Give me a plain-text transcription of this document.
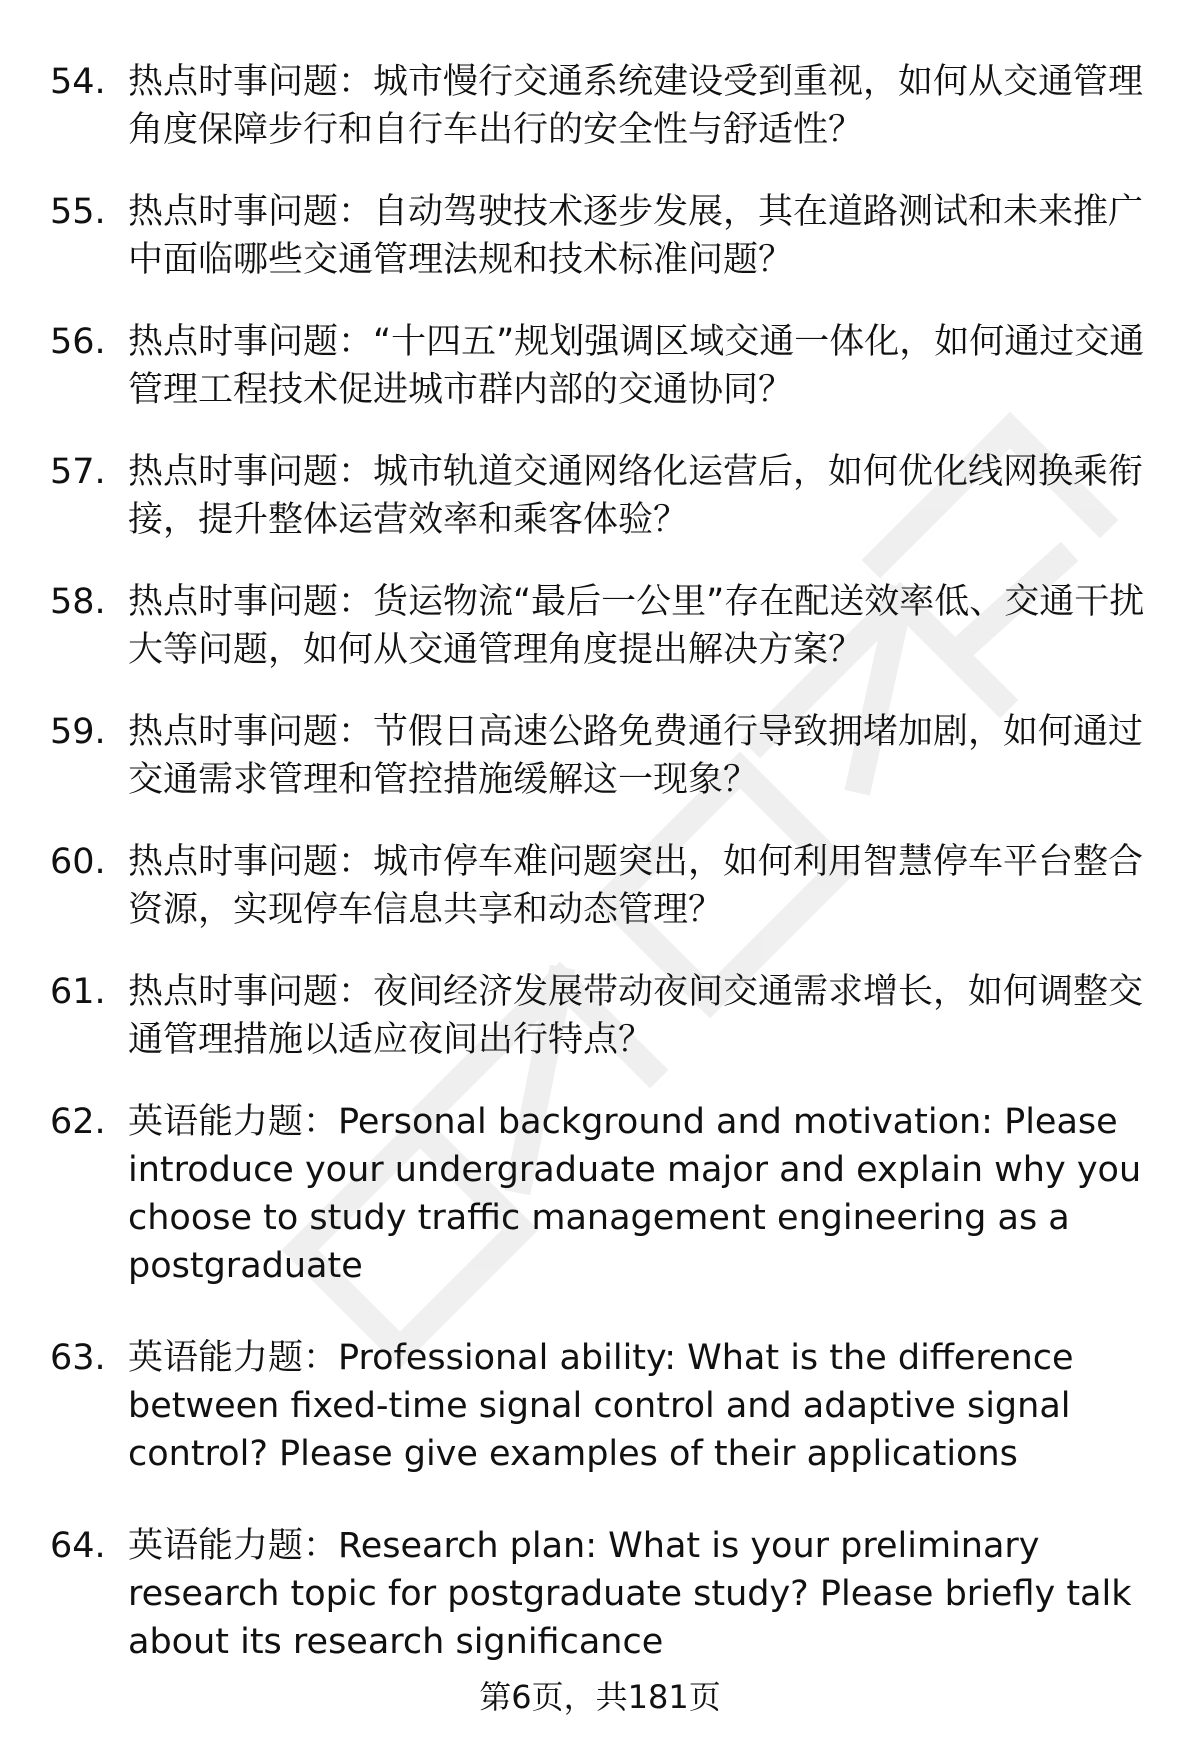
54. 热点时事问题：城市慢行交通系统建设受到重视，如何从交通管理角度保障步行和自行车出行的安全性与舒适性？
55. 热点时事问题：自动驾驶技术逐步发展，其在道路测试和未来推广中面临哪些交通管理法规和技术标准问题？
56. 热点时事问题：“十四五”规划强调区域交通一体化，如何通过交通管理工程技术促进城市群内部的交通协同？
57. 热点时事问题：城市轨道交通网络化运营后，如何优化线网换乘衔接，提升整体运营效率和乘客体验？
58. 热点时事问题：货运物流“最后一公里”存在配送效率低、交通干扰大等问题，如何从交通管理角度提出解决方案？
59. 热点时事问题：节假日高速公路免费通行导致拥堵加剧，如何通过交通需求管理和管控措施缓解这一现象？
60. 热点时事问题：城市停车难问题突出，如何利用智慧停车平台整合资源，实现停车信息共享和动态管理？
61. 热点时事问题：夜间经济发展带动夜间交通需求增长，如何调整交通管理措施以适应夜间出行特点？
62. 英语能力题：Personal background and motivation: Please introduce your undergraduate major and explain why you choose to study traffic management engineering as a postgraduate
63. 英语能力题：Professional ability: What is the difference between fixed-time signal control and adaptive signal control? Please give examples of their applications
64. 英语能力题：Research plan: What is your preliminary research topic for postgraduate study? Please briefly talk about its research significance
第6页，共181页
